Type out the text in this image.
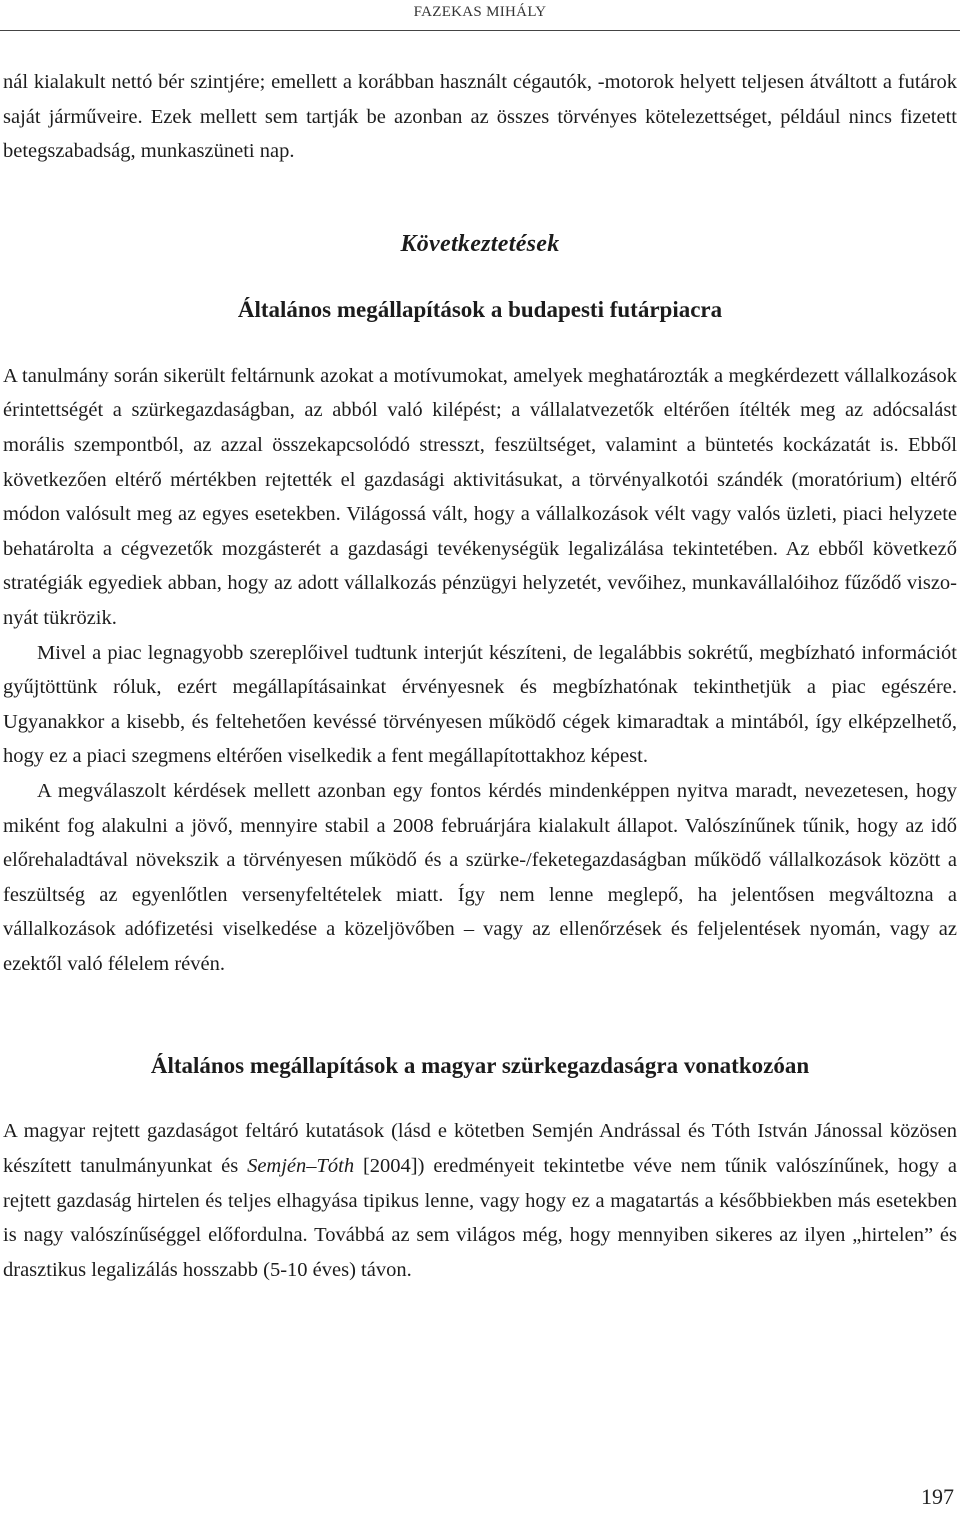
FAZEKAS MIHÁLY

nál kialakult nettó bér szintjére; emellett a korábban használt cégautók, -motorok helyett teljesen átváltott a futárok saját járműveire. Ezek mellett sem tartják be azonban az összes törvényes kötelezettséget, például nincs fizetett betegszabadság, munkaszüneti nap.

Következtetések
Általános megállapítások a budapesti futárpiacra

A tanulmány során sikerült feltárnunk azokat a motívumokat, amelyek meghatározták a megkérdezett vállalkozások érintettségét a szürkegazdaságban, az abból való kilépést; a vállalatvezetők eltérően ítélték meg az adócsalást morális szempontból, az azzal összekapcsolódó stresszt, feszültséget, valamint a büntetés kockázatát is. Ebből következően eltérő mértékben rejtették el gazdasági aktivitásukat, a törvényalkotói szándék (moratórium) eltérő módon valósult meg az egyes esetekben. Világossá vált, hogy a vállalkozások vélt vagy valós üzleti, piaci helyzete behatárolta a cégvezetők mozgásterét a gazdasági tevékenységük legalizálása tekintetében. Az ebből következő stratégiák egyediek abban, hogy az adott vállalkozás pénzügyi helyzetét, vevőihez, munkavállalóihoz fűződő viszonyát tükrözik.

Mivel a piac legnagyobb szereplőivel tudtunk interjút készíteni, de legalábbis sokrétű, megbízható információt gyűjtöttünk róluk, ezért megállapításainkat érvényesnek és megbízhatónak tekinthetjük a piac egészére. Ugyanakkor a kisebb, és feltehetően kevéssé törvényesen működő cégek kimaradtak a mintából, így elképzelhető, hogy ez a piaci szegmens eltérően viselkedik a fent megállapítottakhoz képest.

A megválaszolt kérdések mellett azonban egy fontos kérdés mindenképpen nyitva maradt, nevezetesen, hogy miként fog alakulni a jövő, mennyire stabil a 2008 februárjára kialakult állapot. Valószínűnek tűnik, hogy az idő előrehaladtával növekszik a törvényesen működő és a szürke-/feketegazdaságban működő vállalkozások között a feszültség az egyenlőtlen versenyfeltételek miatt. Így nem lenne meglepő, ha jelentősen megváltozna a vállalkozások adófizetési viselkedése a közeljövőben – vagy az ellenőrzések és feljelentések nyomán, vagy az ezektől való félelem révén.

Általános megállapítások a magyar szürkegazdaságra vonatkozóan

A magyar rejtett gazdaságot feltáró kutatások (lásd e kötetben Semjén Andrással és Tóth István Jánossal közösen készített tanulmányunkat és Semjén–Tóth [2004]) eredményeit tekintetbe véve nem tűnik valószínűnek, hogy a rejtett gazdaság hirtelen és teljes elhagyása tipikus lenne, vagy hogy ez a magatartás a későbbiekben más esetekben is nagy valószínűséggel előfordulna. Továbbá az sem világos még, hogy mennyiben sikeres az ilyen „hirtelen” és drasztikus legalizálás hosszabb (5-10 éves) távon.

197
